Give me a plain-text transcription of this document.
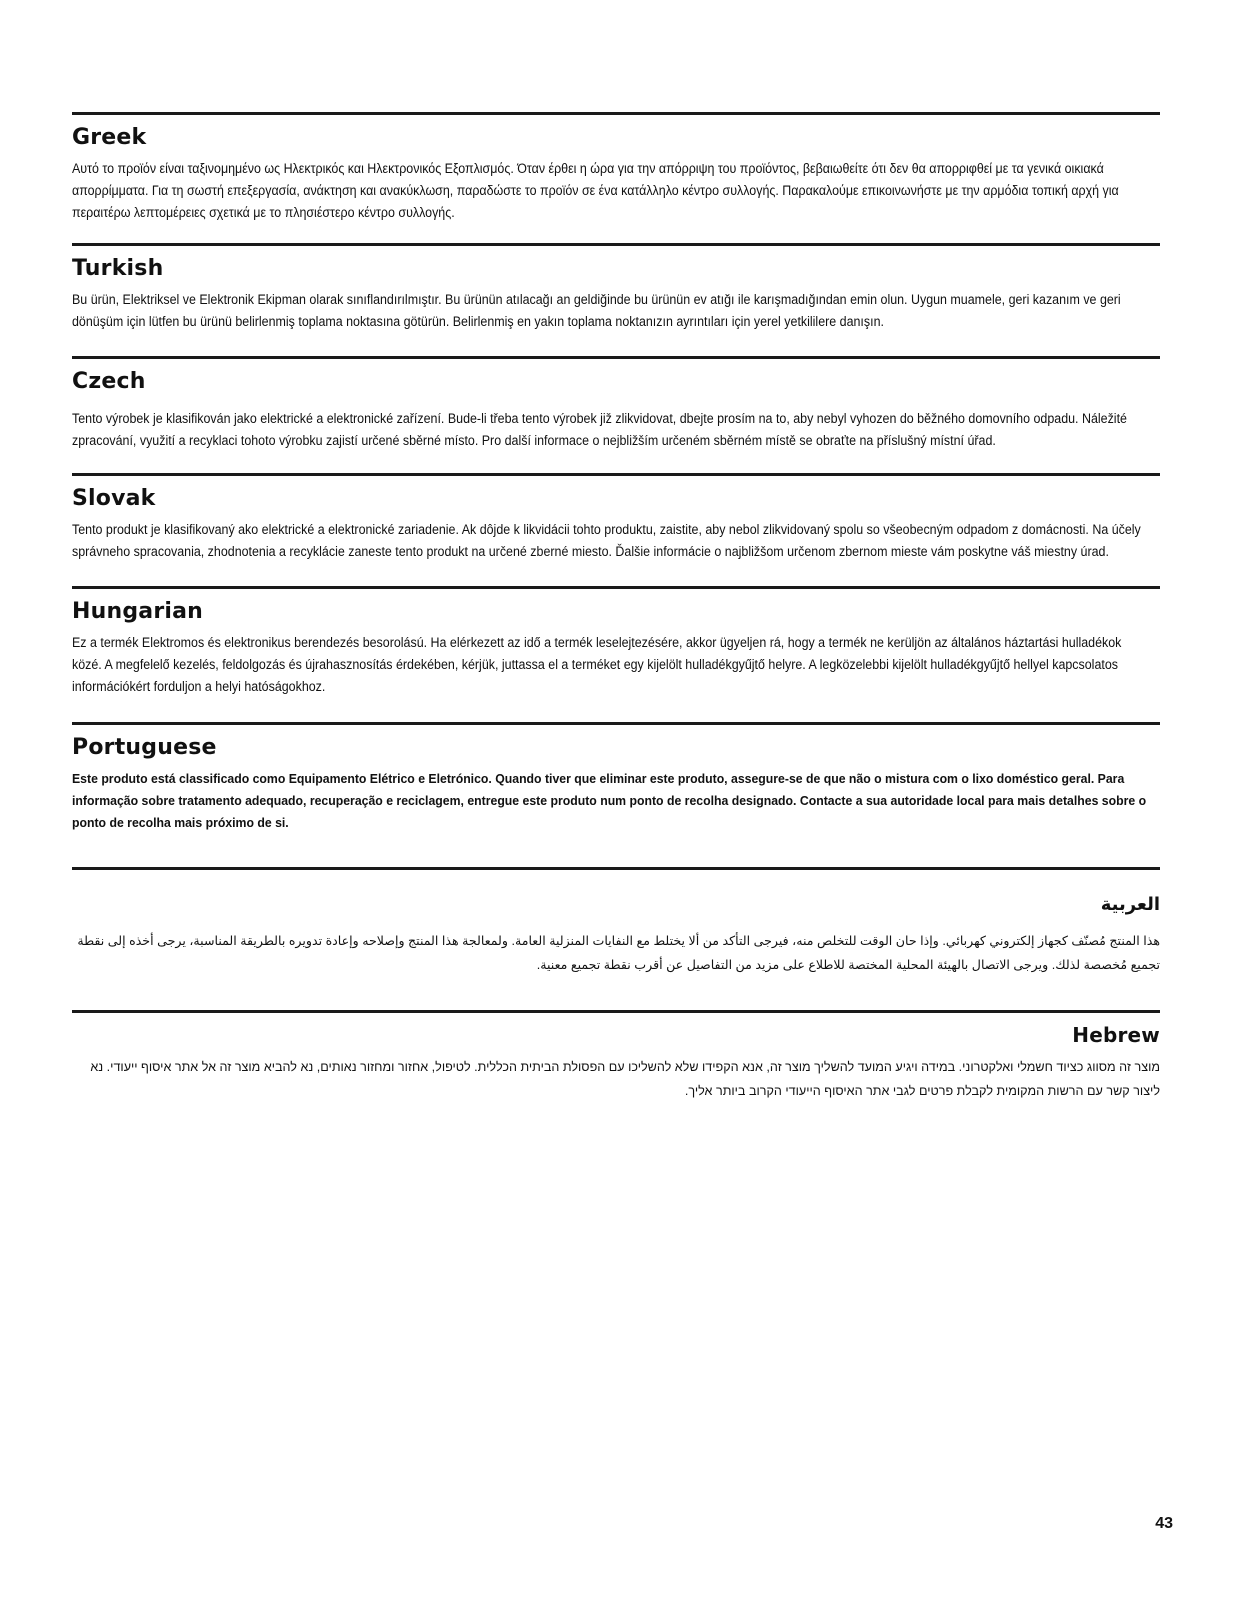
Greek

Αυτό το προϊόν είναι ταξινομημένο ως Ηλεκτρικός και Ηλεκτρονικός Εξοπλισμός. Όταν έρθει η ώρα για την απόρριψη του προϊόντος, βεβαιωθείτε ότι δεν θα απορριφθεί με τα γενικά οικιακά απορρίμματα. Για τη σωστή επεξεργασία, ανάκτηση και ανακύκλωση, παραδώστε το προϊόν σε ένα κατάλληλο κέντρο συλλογής. Παρακαλούμε επικοινωνήστε με την αρμόδια τοπική αρχή για περαιτέρω λεπτομέρειες σχετικά με το πλησιέστερο κέντρο συλλογής.

Turkish

Bu ürün, Elektriksel ve Elektronik Ekipman olarak sınıflandırılmıştır. Bu ürünün atılacağı an geldiğinde bu ürünün ev atığı ile karışmadığından emin olun. Uygun muamele, geri kazanım ve geri dönüşüm için lütfen bu ürünü belirlenmiş toplama noktasına götürün. Belirlenmiş en yakın toplama noktanızın ayrıntıları için yerel yetkililere danışın.

Czech

Tento výrobek je klasifikován jako elektrické a elektronické zařízení. Bude-li třeba tento výrobek již zlikvidovat, dbejte prosím na to, aby nebyl vyhozen do běžného domovního odpadu. Náležité zpracování, využití a recyklaci tohoto výrobku zajistí určené sběrné místo. Pro další informace o nejbližším určeném sběrném místě se obraťte na příslušný místní úřad.

Slovak

Tento produkt je klasifikovaný ako elektrické a elektronické zariadenie. Ak dôjde k likvidácii tohto produktu, zaistite, aby nebol zlikvidovaný spolu so všeobecným odpadom z domácnosti. Na účely správneho spracovania, zhodnotenia a recyklácie zaneste tento produkt na určené zberné miesto. Ďalšie informácie o najbližšom určenom zbernom mieste vám poskytne váš miestny úrad.

Hungarian

Ez a termék Elektromos és elektronikus berendezés besorolású. Ha elérkezett az idő a termék leselejtezésére, akkor ügyeljen rá, hogy a termék ne kerüljön az általános háztartási hulladékok közé. A megfelelő kezelés, feldolgozás és újrahasznosítás érdekében, kérjük, juttassa el a terméket egy kijelölt hulladékgyűjtő helyre. A legközelebbi kijelölt hulladékgyűjtő hellyel kapcsolatos információkért forduljon a helyi hatóságokhoz.

Portuguese

Este produto está classificado como Equipamento Elétrico e Eletrónico. Quando tiver que eliminar este produto, assegure-se de que não o mistura com o lixo doméstico geral. Para informação sobre tratamento adequado, recuperação e reciclagem, entregue este produto num ponto de recolha designado. Contacte a sua autoridade local para mais detalhes sobre o ponto de recolha mais próximo de si.

العربية

هذا المنتج مُصنّف كجهاز إلكتروني كهربائي. وإذا حان الوقت للتخلص منه، فيرجى التأكد من ألا يختلط مع النفايات المنزلية العامة. ولمعالجة هذا المنتج وإصلاحه وإعادة تدويره بالطريقة المناسبة، يرجى أخذه إلى نقطة تجميع مُخصصة لذلك. ويرجى الاتصال بالهيئة المحلية المختصة للاطلاع على مزيد من التفاصيل عن أقرب نقطة تجميع معنية.

Hebrew

מוצר זה מסווג כציוד חשמלי ואלקטרוני. במידה ויגיע המועד להשליך מוצר זה, אנא הקפידו שלא להשליכו עם הפסולת הביתית הכללית. לטיפול, אחזור ומחזור נאותים, נא להביא מוצר זה אל אתר איסוף ייעודי. נא ליצור קשר עם הרשות המקומית לקבלת פרטים לגבי אתר האיסוף הייעודי הקרוב ביותר אליך.

43
